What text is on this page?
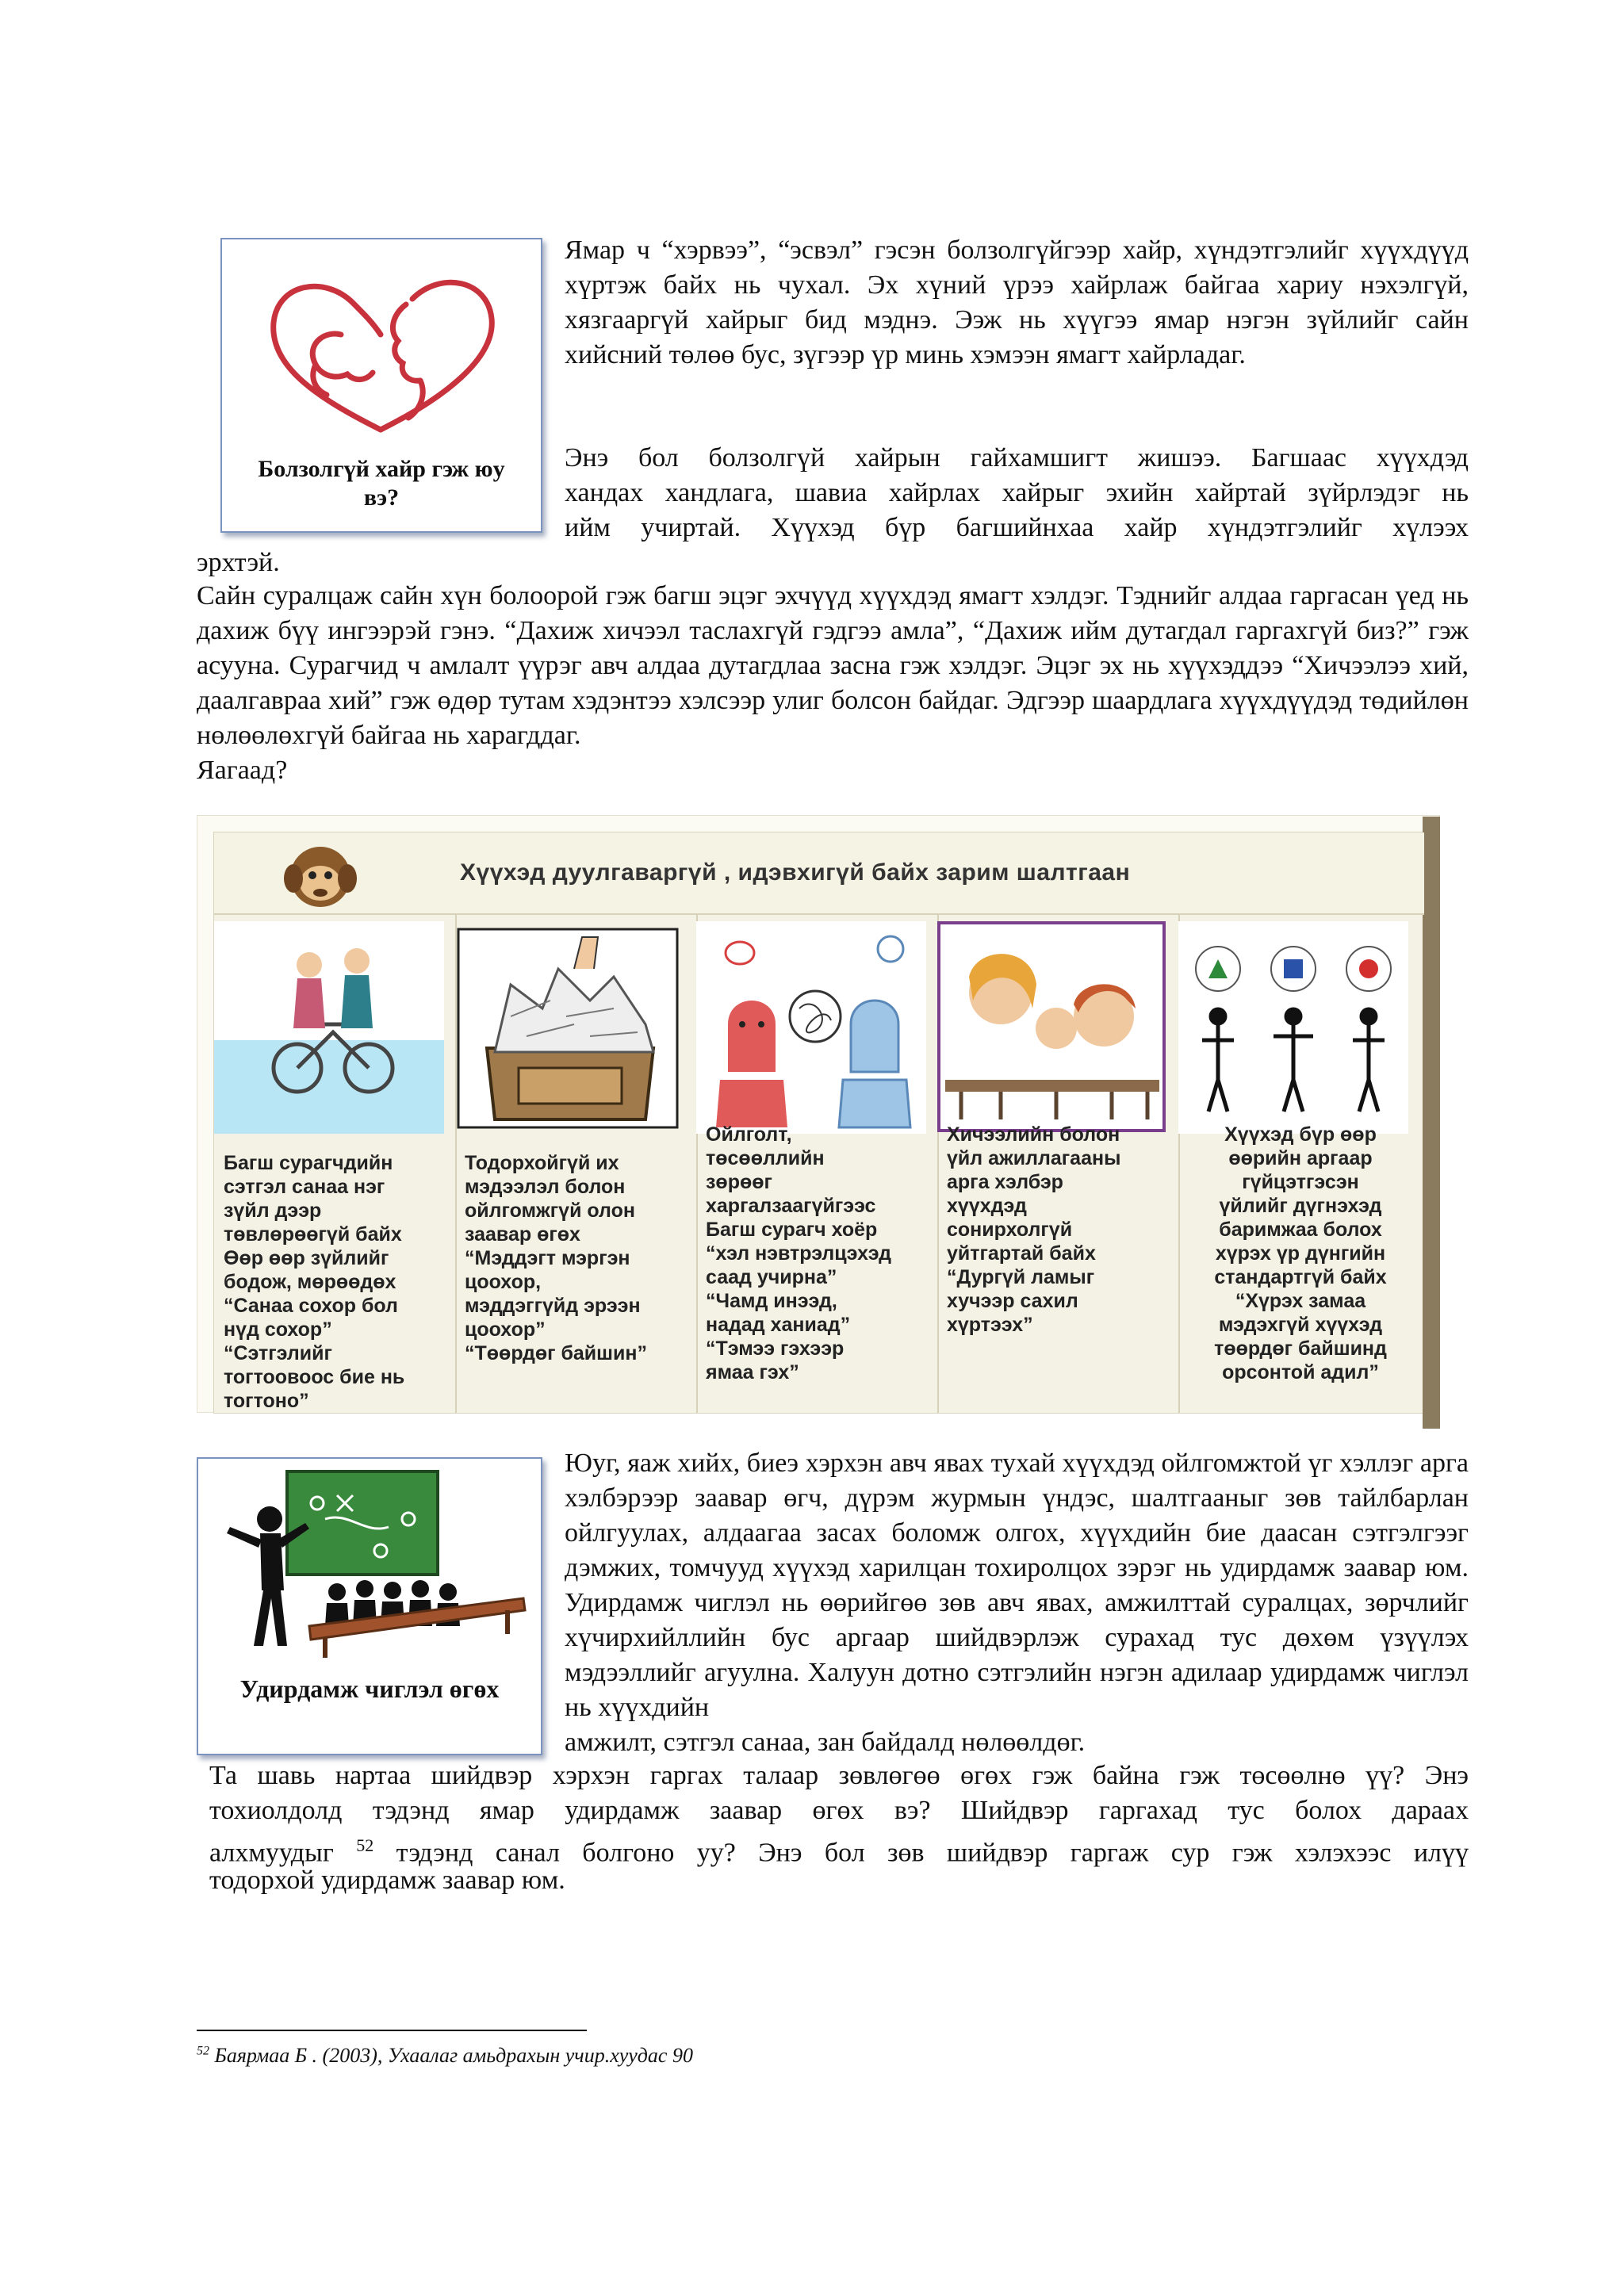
Болзолгүй хайр гэж юу вэ?

Ямар ч “хэрвээ”, “эсвэл” гэсэн болзолгүйгээр хайр, хүндэтгэлийг хүүхдүүд хүртэж байх нь чухал. Эх хүний үрээ хайрлаж байгаа хариу нэхэлгүй, хязгааргүй хайрыг бид мэднэ. Ээж нь хүүгээ ямар нэгэн зүйлийг сайн хийсний төлөө бус, зүгээр үр минь хэмээн ямагт хайрладаг.

Энэ бол болзолгүй хайрын гайхамшигт жишээ. Багшаас хүүхдэд

хандах хандлага, шавиа хайрлах хайрыг эхийн хайртай зүйрлэдэг нь

ийм учиртай. Хүүхэд бүр багшийнхаа хайр хүндэтгэлийг хүлээх

эрхтэй.

Сайн суралцаж сайн хүн болоорой гэж багш эцэг эхчүүд хүүхдэд ямагт хэлдэг. Тэднийг алдаа гаргасан үед нь дахиж бүү ингээрэй гэнэ. “Дахиж хичээл таслахгүй гэдгээ амла”, “Дахиж ийм дутагдал гаргахгүй биз?” гэж асууна. Сурагчид ч амлалт үүрэг авч алдаа дутагдлаа засна гэж хэлдэг. Эцэг эх нь хүүхэддээ “Хичээлээ хий, даалгавраа хий” гэж өдөр тутам хэдэнтээ хэлсээр улиг болсон байдаг. Эдгээр шаардлага хүүхдүүдэд төдийлөн нөлөөлөхгүй байгаа нь харагддаг.

Яагаад?

Хүүхэд дуулгаваргүй , идэвхигүй байх зарим шалтгаан
Багш сурагчдийн
сэтгэл санаа нэг
зүйл дээр
төвлөрөөгүй байх
Өөр өөр зүйлийг
бодож, мөрөөдөх
“Санаа сохор бол
нүд сохор”
“Сэтгэлийг
тогтоовоос бие нь
тогтоно”
Тодорхойгүй их
мэдээлэл болон
ойлгомжгүй олон
заавар өгөх
“Мэддэгт мэргэн
цоохор,
мэддэггүйд эрээн
цоохор”
“Төөрдөг байшин”
Ойлголт,
төсөөллийн
зөрөөг
харгалзаагүйгээс
Багш сурагч хоёр
“хэл нэвтрэлцэхэд
саад учирна”
“Чамд инээд,
надад ханиад”
“Тэмээ гэхээр
ямаа гэх”
Хичээлийн болон
үйл ажиллагааны
арга хэлбэр
хүүхдэд
сонирхолгүй
уйтгартай байх
“Дургүй ламыг
хучээр сахил
хүртээх”
Хүүхэд бүр өөр
өөрийн аргаар
гүйцэтгэсэн
үйлийг дүгнэхэд
баримжаа болох
хүрэх үр дүнгийн
стандартгүй байх
“Хүрэх замаа
мэдэхгүй хүүхэд
төөрдөг байшинд
орсонтой адил”
Удирдамж чиглэл өгөх

Юуг, яаж хийх, биеэ хэрхэн авч явах тухай хүүхдэд ойлгомжтой үг хэллэг арга хэлбэрээр заавар өгч, дүрэм журмын үндэс, шалтгааныг зөв тайлбарлан ойлгуулах, алдаагаа засах боломж олгох, хүүхдийн бие даасан сэтгэлгээг дэмжих, томчууд хүүхэд харилцан тохиролцох зэрэг нь удирдамж заавар юм. Удирдамж чиглэл нь өөрийгөө зөв авч явах, амжилттай суралцах, зөрчлийг хүчирхийллийн бус аргаар шийдвэрлэж сурахад тус дөхөм үзүүлэх мэдээллийг агуулна. Халуун дотно сэтгэлийн нэгэн адилаар удирдамж чиглэл нь хүүхдийн

амжилт, сэтгэл санаа, зан байдалд нөлөөлдөг.

Та шавь нартаа шийдвэр хэрхэн гаргах талаар зөвлөгөө өгөх гэж байна гэж төсөөлнө үү? Энэ

тохиолдолд тэдэнд ямар удирдамж заавар өгөх вэ? Шийдвэр гаргахад тус болох дараах

алхмуудыг $^{52}$ тэдэнд санал болгоно уу? Энэ бол зөв шийдвэр гаргаж сур гэж хэлэхээс илүү

тодорхой удирдамж заавар юм.

$^{52}$ Баярмаа Б . (2003), Ухаалаг амьдрахын учир.хуудас 90
